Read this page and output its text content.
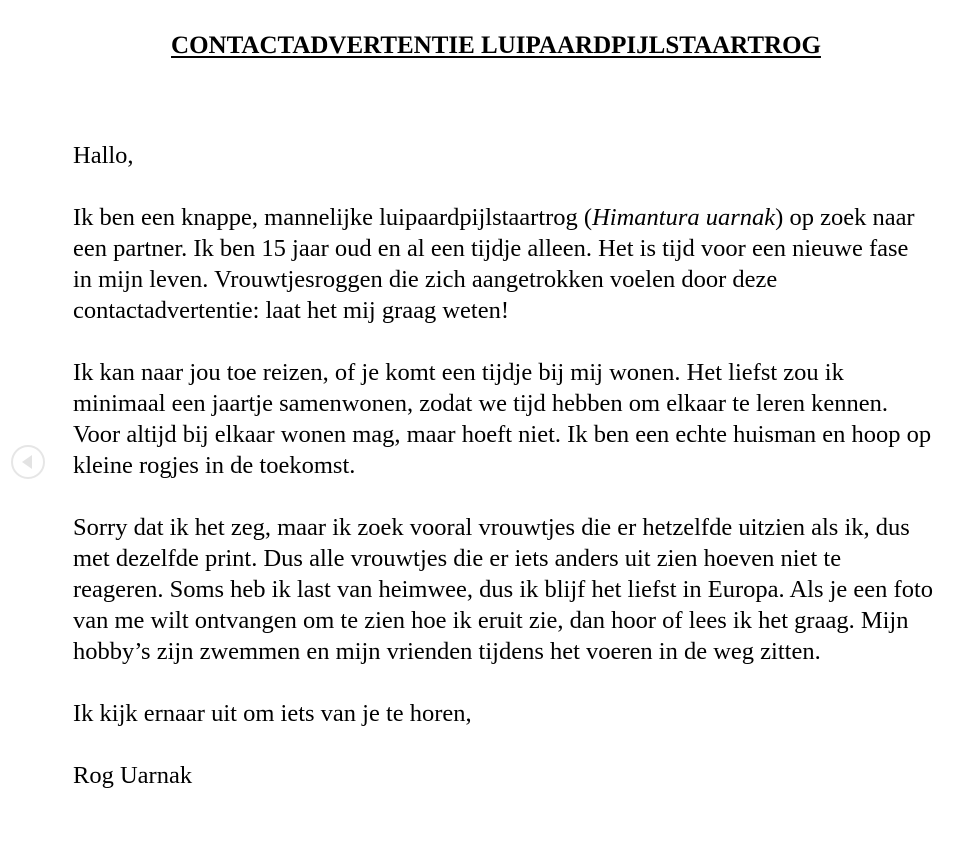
CONTACTADVERTENTIE LUIPAARDPIJLSTAARTROG

Hallo,

Ik ben een knappe, mannelijke luipaardpijlstaartrog (Himantura uarnak) op zoek naar een partner. Ik ben 15 jaar oud en al een tijdje alleen. Het is tijd voor een nieuwe fase in mijn leven. Vrouwtjesroggen die zich aangetrokken voelen door deze contactadvertentie: laat het mij graag weten!

Ik kan naar jou toe reizen, of je komt een tijdje bij mij wonen. Het liefst zou ik minimaal een jaartje samenwonen, zodat we tijd hebben om elkaar te leren kennen. Voor altijd bij elkaar wonen mag, maar hoeft niet. Ik ben een echte huisman en hoop op kleine rogjes in de toekomst.

Sorry dat ik het zeg, maar ik zoek vooral vrouwtjes die er hetzelfde uitzien als ik, dus met dezelfde print. Dus alle vrouwtjes die er iets anders uit zien hoeven niet te reageren. Soms heb ik last van heimwee, dus ik blijf het liefst in Europa. Als je een foto van me wilt ontvangen om te zien hoe ik eruit zie, dan hoor of lees ik het graag. Mijn hobby’s zijn zwemmen en mijn vrienden tijdens het voeren in de weg zitten.

Ik kijk ernaar uit om iets van je te horen,

Rog Uarnak
